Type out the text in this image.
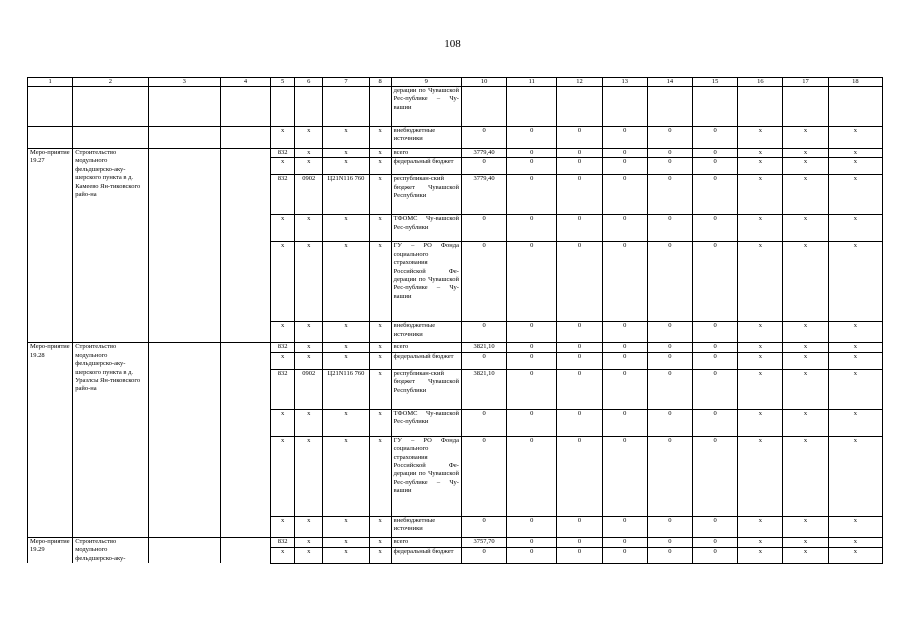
108
1	2	3	4	5	6	7	8	9	10	11	12	13	14	15	16	17	18
								дерации по Чувашской Рес-публике – Чу-вашии									
				x	x	x	x	внебюджетные источники	0	0	0	0	0	0	x	x	x
Меро-приятие 19.27	Строительство модульного фельдшерско-аку-шерского пункта в д. Камеево Ян-тиковского райо-на			832	x	x	x	всего	3779,40	0	0	0	0	0	x	x	x
				x	x	x	x	федеральный бюджет	0	0	0	0	0	0	x	x	x
				832	0902	Ц21N116 760	x	республикан-ский бюджет Чувашской Республики	3779,40	0	0	0	0	0	x	x	x
				x	x	x	x	ТФОМС Чу-вашской Рес-публики	0	0	0	0	0	0	x	x	x
				x	x	x	x	ГУ – РО Фонда социального страхования Российской Фе-дерации по Чувашской Рес-публике – Чу-вашии	0	0	0	0	0	0	x	x	x
				x	x	x	x	внебюджетные источники	0	0	0	0	0	0	x	x	x
Меро-приятие 19.28	Строительство модульного фельдшерско-аку-шерского пункта в д. Уразлсы Ян-тиковского райо-на			832	x	x	x	всего	3821,10	0	0	0	0	0	x	x	x
				x	x	x	x	федеральный бюджет	0	0	0	0	0	0	x	x	x
				832	0902	Ц21N116 760	x	республикан-ский бюджет Чувашской Республики	3821,10	0	0	0	0	0	x	x	x
				x	x	x	x	ТФОМС Чу-вашской Рес-публики	0	0	0	0	0	0	x	x	x
				x	x	x	x	ГУ – РО Фонда социального страхования Российской Фе-дерации по Чувашской Рес-публике – Чу-вашии	0	0	0	0	0	0	x	x	x
				x	x	x	x	внебюджетные источники	0	0	0	0	0	0	x	x	x
Меро-приятие 19.29	Строительство модульного фельдшерско-аку-			832	x	x	x	всего	3757,70	0	0	0	0	0	x	x	x
				x	x	x	x	федеральный бюджет	0	0	0	0	0	0	x	x	x
